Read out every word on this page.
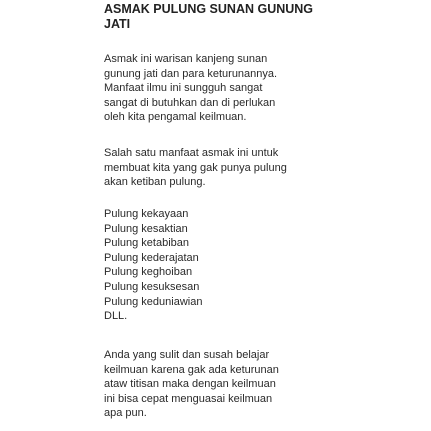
ASMAK PULUNG SUNAN GUNUNG
JATI
Asmak ini warisan kanjeng sunan
gunung jati dan para keturunannya.
Manfaat ilmu ini sungguh sangat
sangat di butuhkan dan di perlukan
oleh kita pengamal keilmuan.
Salah satu manfaat asmak ini untuk
membuat kita yang gak punya pulung
akan ketiban pulung.
Pulung kekayaan
Pulung kesaktian
Pulung ketabiban
Pulung kederajatan
Pulung keghoiban
Pulung kesuksesan
Pulung keduniawian
DLL.
Anda yang sulit dan susah belajar
keilmuan karena gak ada keturunan
ataw titisan maka dengan keilmuan
ini bisa cepat menguasai keilmuan
apa pun.
